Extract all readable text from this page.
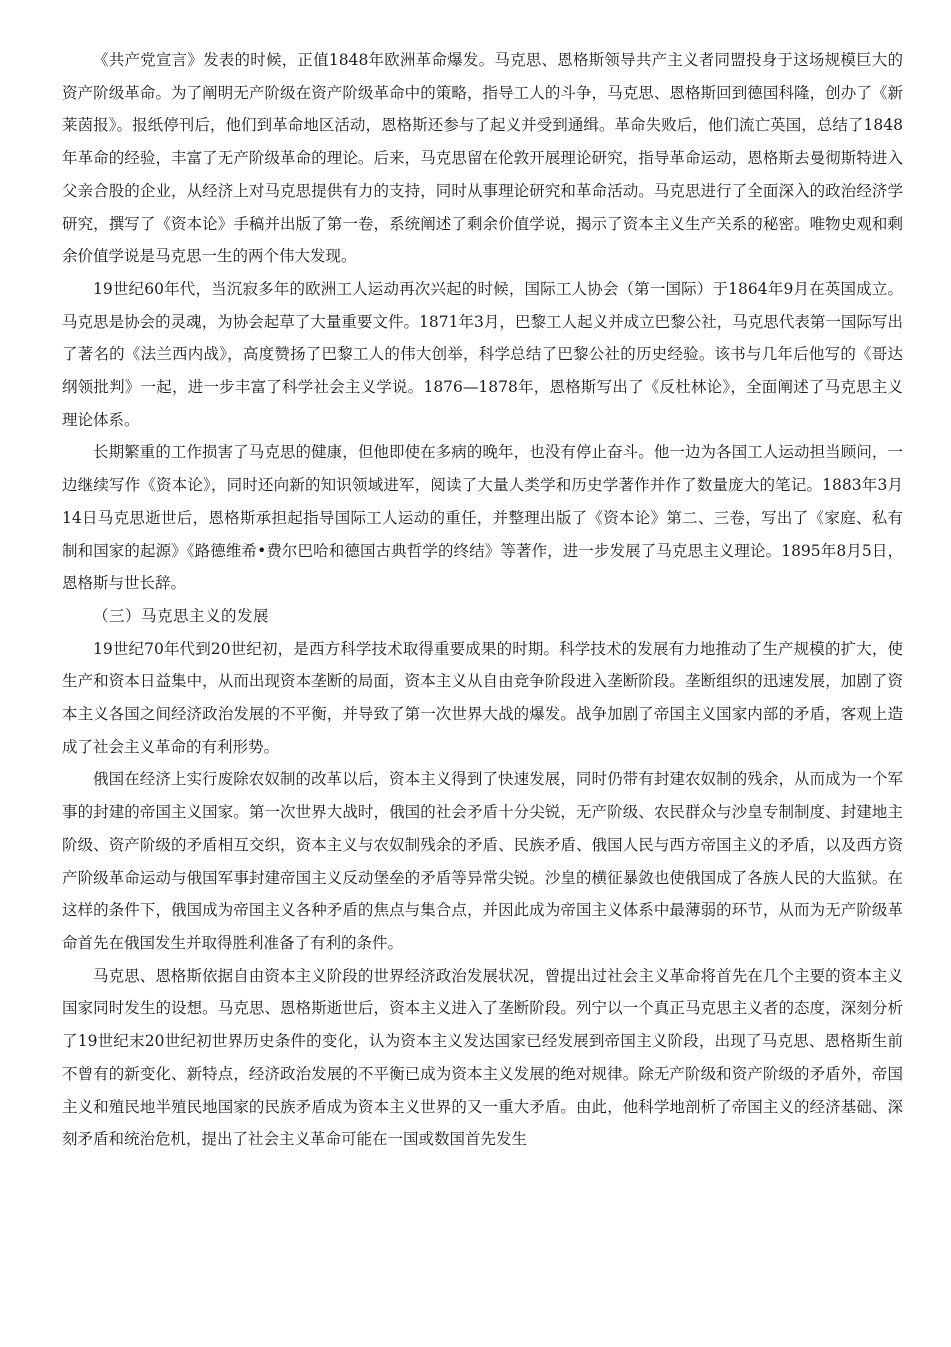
《共产党宣言》发表的时候，正值1848年欧洲革命爆发。马克思、恩格斯领导共产主义者同盟投身于这场规模巨大的资产阶级革命。为了阐明无产阶级在资产阶级革命中的策略，指导工人的斗争，马克思、恩格斯回到德国科隆，创办了《新莱茵报》。报纸停刊后，他们到革命地区活动，恩格斯还参与了起义并受到通缉。革命失败后，他们流亡英国，总结了1848年革命的经验，丰富了无产阶级革命的理论。后来，马克思留在伦敦开展理论研究，指导革命运动，恩格斯去曼彻斯特进入父亲合股的企业，从经济上对马克思提供有力的支持，同时从事理论研究和革命活动。马克思进行了全面深入的政治经济学研究，撰写了《资本论》手稿并出版了第一卷，系统阐述了剩余价值学说，揭示了资本主义生产关系的秘密。唯物史观和剩余价值学说是马克思一生的两个伟大发现。

19世纪60年代，当沉寂多年的欧洲工人运动再次兴起的时候，国际工人协会（第一国际）于1864年9月在英国成立。马克思是协会的灵魂，为协会起草了大量重要文件。1871年3月，巴黎工人起义并成立巴黎公社，马克思代表第一国际写出了著名的《法兰西内战》，高度赞扬了巴黎工人的伟大创举，科学总结了巴黎公社的历史经验。该书与几年后他写的《哥达纲领批判》一起，进一步丰富了科学社会主义学说。1876—1878年，恩格斯写出了《反杜林论》，全面阐述了马克思主义理论体系。

长期繁重的工作损害了马克思的健康，但他即使在多病的晚年，也没有停止奋斗。他一边为各国工人运动担当顾问，一边继续写作《资本论》，同时还向新的知识领域进军，阅读了大量人类学和历史学著作并作了数量庞大的笔记。1883年3月14日马克思逝世后，恩格斯承担起指导国际工人运动的重任，并整理出版了《资本论》第二、三卷，写出了《家庭、私有制和国家的起源》《路德维希•费尔巴哈和德国古典哲学的终结》等著作，进一步发展了马克思主义理论。1895年8月5日，恩格斯与世长辞。

（三）马克思主义的发展

19世纪70年代到20世纪初，是西方科学技术取得重要成果的时期。科学技术的发展有力地推动了生产规模的扩大，使生产和资本日益集中，从而出现资本垄断的局面，资本主义从自由竞争阶段进入垄断阶段。垄断组织的迅速发展，加剧了资本主义各国之间经济政治发展的不平衡，并导致了第一次世界大战的爆发。战争加剧了帝国主义国家内部的矛盾，客观上造成了社会主义革命的有利形势。

俄国在经济上实行废除农奴制的改革以后，资本主义得到了快速发展，同时仍带有封建农奴制的残余，从而成为一个军事的封建的帝国主义国家。第一次世界大战时，俄国的社会矛盾十分尖锐，无产阶级、农民群众与沙皇专制制度、封建地主阶级、资产阶级的矛盾相互交织，资本主义与农奴制残余的矛盾、民族矛盾、俄国人民与西方帝国主义的矛盾，以及西方资产阶级革命运动与俄国军事封建帝国主义反动堡垒的矛盾等异常尖锐。沙皇的横征暴敛也使俄国成了各族人民的大监狱。在这样的条件下，俄国成为帝国主义各种矛盾的焦点与集合点，并因此成为帝国主义体系中最薄弱的环节，从而为无产阶级革命首先在俄国发生并取得胜利准备了有利的条件。

马克思、恩格斯依据自由资本主义阶段的世界经济政治发展状况，曾提出过社会主义革命将首先在几个主要的资本主义国家同时发生的设想。马克思、恩格斯逝世后，资本主义进入了垄断阶段。列宁以一个真正马克思主义者的态度，深刻分析了19世纪末20世纪初世界历史条件的变化，认为资本主义发达国家已经发展到帝国主义阶段，出现了马克思、恩格斯生前不曾有的新变化、新特点，经济政治发展的不平衡已成为资本主义发展的绝对规律。除无产阶级和资产阶级的矛盾外，帝国主义和殖民地半殖民地国家的民族矛盾成为资本主义世界的又一重大矛盾。由此，他科学地剖析了帝国主义的经济基础、深刻矛盾和统治危机，提出了社会主义革命可能在一国或数国首先发生
